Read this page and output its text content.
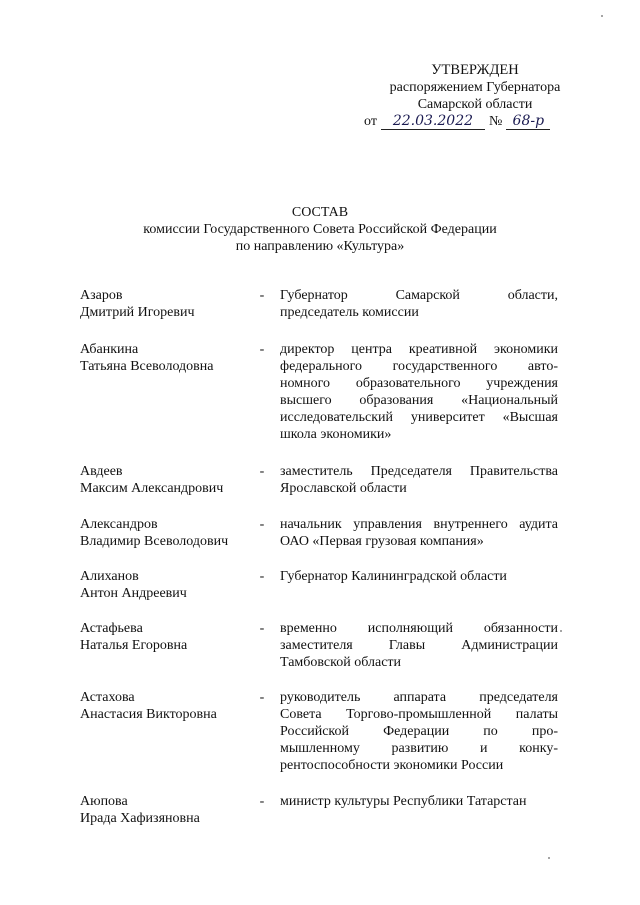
УТВЕРЖДЕН
распоряжением Губернатора
Самарской области
от 22.03.2022 № 68-р
СОСТАВ
комиссии Государственного Совета Российской Федерации
по направлению «Культура»
Азаров
Дмитрий Игоревич
- Губернатор Самарской области,
председатель комиссии
Абанкина
Татьяна Всеволодовна
- директор центра креативной экономики
федерального государственного авто-
номного образовательного учреждения
высшего образования «Национальный
исследовательский университет «Высшая
школа экономики»
Авдеев
Максим Александрович
- заместитель Председателя Правительства
Ярославской области
Александров
Владимир Всеволодович
- начальник управления внутреннего аудита
ОАО «Первая грузовая компания»
Алиханов
Антон Андреевич
- Губернатор Калининградской области
Астафьева
Наталья Егоровна
- временно исполняющий обязанности
заместителя Главы Администрации
Тамбовской области
Астахова
Анастасия Викторовна
- руководитель аппарата председателя
Совета Торгово-промышленной палаты
Российской Федерации по про-
мышленному развитию и конку-
рентоспособности экономики России
Аюпова
Ирада Хафизяновна
- министр культуры Республики Татарстан
